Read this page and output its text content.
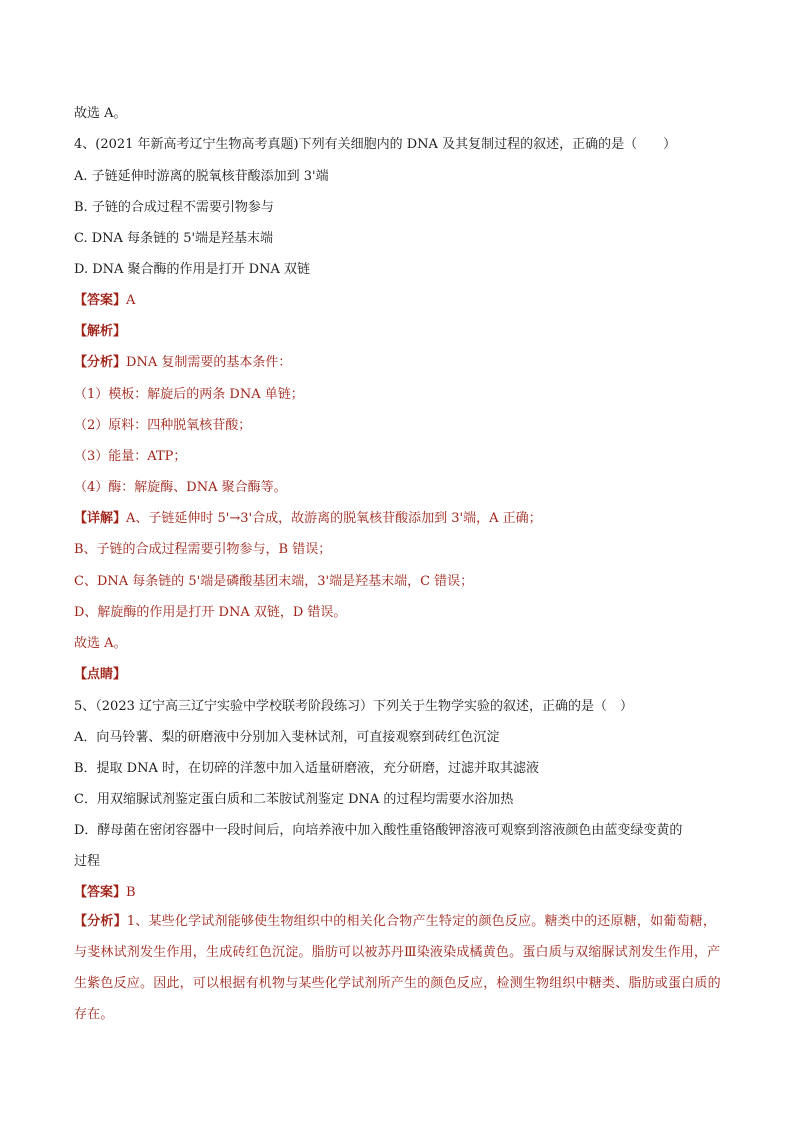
故选 A。
4、(2021 年新高考辽宁生物高考真题)下列有关细胞内的 DNA 及其复制过程的叙述，正确的是（　　）
A. 子链延伸时游离的脱氧核苷酸添加到 3'端
B. 子链的合成过程不需要引物参与
C. DNA 每条链的 5'端是羟基末端
D. DNA 聚合酶的作用是打开 DNA 双链
【答案】A
【解析】
【分析】DNA 复制需要的基本条件：
（1）模板：解旋后的两条 DNA 单链；
（2）原料：四种脱氧核苷酸；
（3）能量：ATP；
（4）酶：解旋酶、DNA 聚合酶等。
【详解】A、子链延伸时 5'→3'合成，故游离的脱氧核苷酸添加到 3'端，A 正确；
B、子链的合成过程需要引物参与，B 错误；
C、DNA 每条链的 5'端是磷酸基团末端，3'端是羟基末端，C 错误；
D、解旋酶的作用是打开 DNA 双链，D 错误。
故选 A。
【点睛】
5、（2023 辽宁高三辽宁实验中学校联考阶段练习）下列关于生物学实验的叙述，正确的是（　）
A．向马铃薯、梨的研磨液中分别加入斐林试剂，可直接观察到砖红色沉淀
B．提取 DNA 时，在切碎的洋葱中加入适量研磨液，充分研磨，过滤并取其滤液
C．用双缩脲试剂鉴定蛋白质和二苯胺试剂鉴定 DNA 的过程均需要水浴加热
D．酵母菌在密闭容器中一段时间后，向培养液中加入酸性重铬酸钾溶液可观察到溶液颜色由蓝变绿变黄的
过程
【答案】B
【分析】1、某些化学试剂能够使生物组织中的相关化合物产生特定的颜色反应。糖类中的还原糖，如葡萄糖，与斐林试剂发生作用，生成砖红色沉淀。脂肪可以被苏丹Ⅲ染液染成橘黄色。蛋白质与双缩脲试剂发生作用，产生紫色反应。因此，可以根据有机物与某些化学试剂所产生的颜色反应，检测生物组织中糖类、脂肪或蛋白质的存在。
